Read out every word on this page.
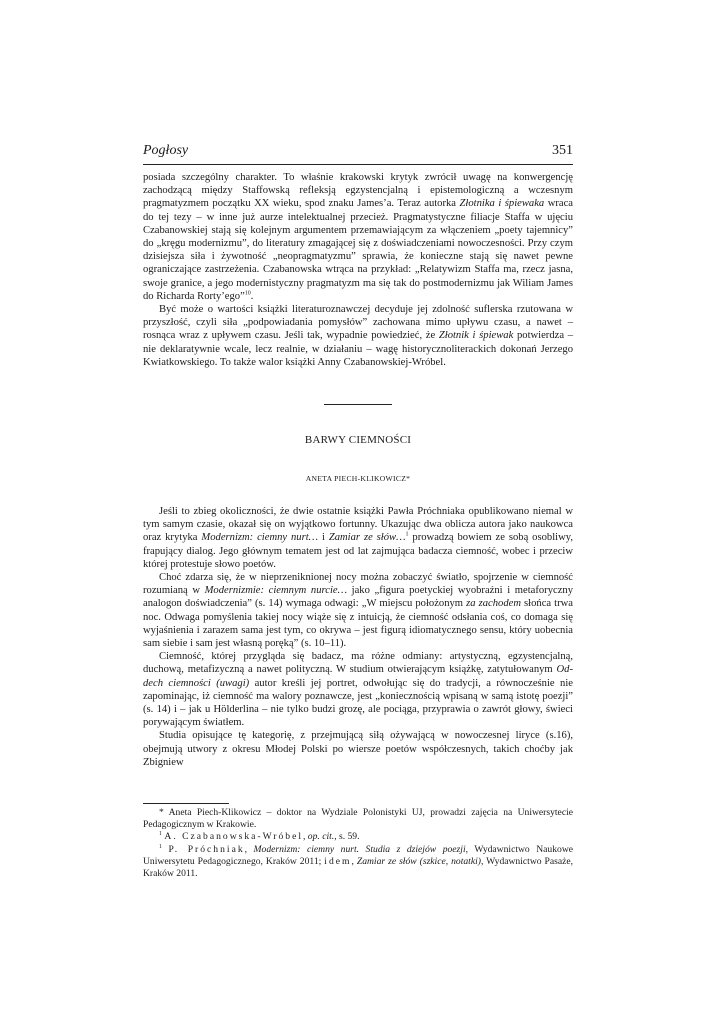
Pogłosy	351

posiada szczególny charakter. To właśnie krakowski krytyk zwrócił uwagę na konwergencję zachodzącą między Staffowską refleksją egzystencjalną i epistemologiczną a wczesnym pragmatyzmem początku XX wieku, spod znaku James’a. Teraz autorka Złotnika i śpiewaka wraca do tej tezy – w inne już aurze intelektualnej przecież. Pragmatystyczne filiacje Staffa w ujęciu Czabanowskiej stają się kolejnym argumentem przemawiającym za włączeniem „poety tajemnicy” do „kręgu modernizmu”, do literatury zmagającej się z doświadczeniami nowoczesności. Przy czym dzisiejsza siła i żywotność „neopragmatyzmu” sprawia, że konieczne stają się nawet pewne ograniczające zastrzeżenia. Czabanowska wtrąca na przykład: „Relatywizm Staffa ma, rzecz jasna, swoje granice, a jego modernistyczny pragmatyzm ma się tak do postmodernizmu jak Wiliam James do Richarda Rorty’ego”$^{10}$.

Być może o wartości książki literaturoznawczej decyduje jej zdolność suflerska rzutowana w przyszłość, czyli siła „podpowiadania pomysłów” zachowana mimo upływu czasu, a nawet – rosnąca wraz z upływem czasu. Jeśli tak, wypadnie powiedzieć, że Złotnik i śpiewak potwierdza – nie deklaratywnie wcale, lecz realnie, w działaniu – wagę historycznoliterackich dokonań Jerzego Kwiatkowskiego. To także walor książki Anny Czabanowskiej-Wróbel.

BARWY CIEMNOŚCI
ANETA PIECH-KLIKOWICZ*

Jeśli to zbieg okoliczności, że dwie ostatnie książki Pawła Próchniaka opublikowano niemal w tym samym czasie, okazał się on wyjątkowo fortunny. Ukazując dwa oblicza autora jako naukowca oraz krytyka Modernizm: ciemny nurt… i Zamiar ze słów…$^1$ prowadzą bowiem ze sobą osobliwy, frapujący dialog. Jego głównym tematem jest od lat zajmująca badacza ciemność, wobec i przeciw której protestuje słowo poetów.

Choć zdarza się, że w nieprzeniknionej nocy można zobaczyć światło, spojrzenie w ciemność rozumianą w Modernizmie: ciemnym nurcie… jako „figura poetyckiej wyobraźni i metaforyczny analogon doświadczenia” (s. 14) wymaga odwagi: „W miejscu położonym za zachodem słońca trwa noc. Odwaga pomyślenia takiej nocy wiąże się z intuicją, że ciemność odsłania coś, co domaga się wyjaśnienia i zarazem sama jest tym, co okrywa – jest figurą idiomatycznego sensu, który uobecnia sam siebie i sam jest własną poręką” (s. 10–11).

Ciemność, której przygląda się badacz, ma różne odmiany: artystyczną, egzystencjalną, duchową, metafizyczną a nawet polityczną. W studium otwierającym książkę, zatytułowanym Od-dech ciemności (uwagi) autor kreśli jej portret, odwołując się do tradycji, a równocześnie nie zapominając, iż ciemność ma walory poznawcze, jest „koniecznością wpisaną w samą istotę poezji” (s. 14) i – jak u Hölderlina – nie tylko budzi grozę, ale pociąga, przyprawia o zawrót głowy, świeci porywającym światłem.

Studia opisujące tę kategorię, z przejmującą siłą ożywającą w nowoczesnej liryce (s.16), obejmują utwory z okresu Młodej Polski po wiersze poetów współczesnych, takich choćby jak Zbigniew

* Aneta Piech-Klikowicz – doktor na Wydziale Polonistyki UJ, prowadzi zajęcia na Uniwersytecie Pedagogicznym w Krakowie.

$^1$ A. Czabanowska-Wróbel, op. cit., s. 59.

$^1$ P. Próchniak, Modernizm: ciemny nurt. Studia z dziejów poezji, Wydawnictwo Naukowe Uniwersytetu Pedagogicznego, Kraków 2011; idem, Zamiar ze słów (szkice, notatki), Wydawnictwo Pasaże, Kraków 2011.
